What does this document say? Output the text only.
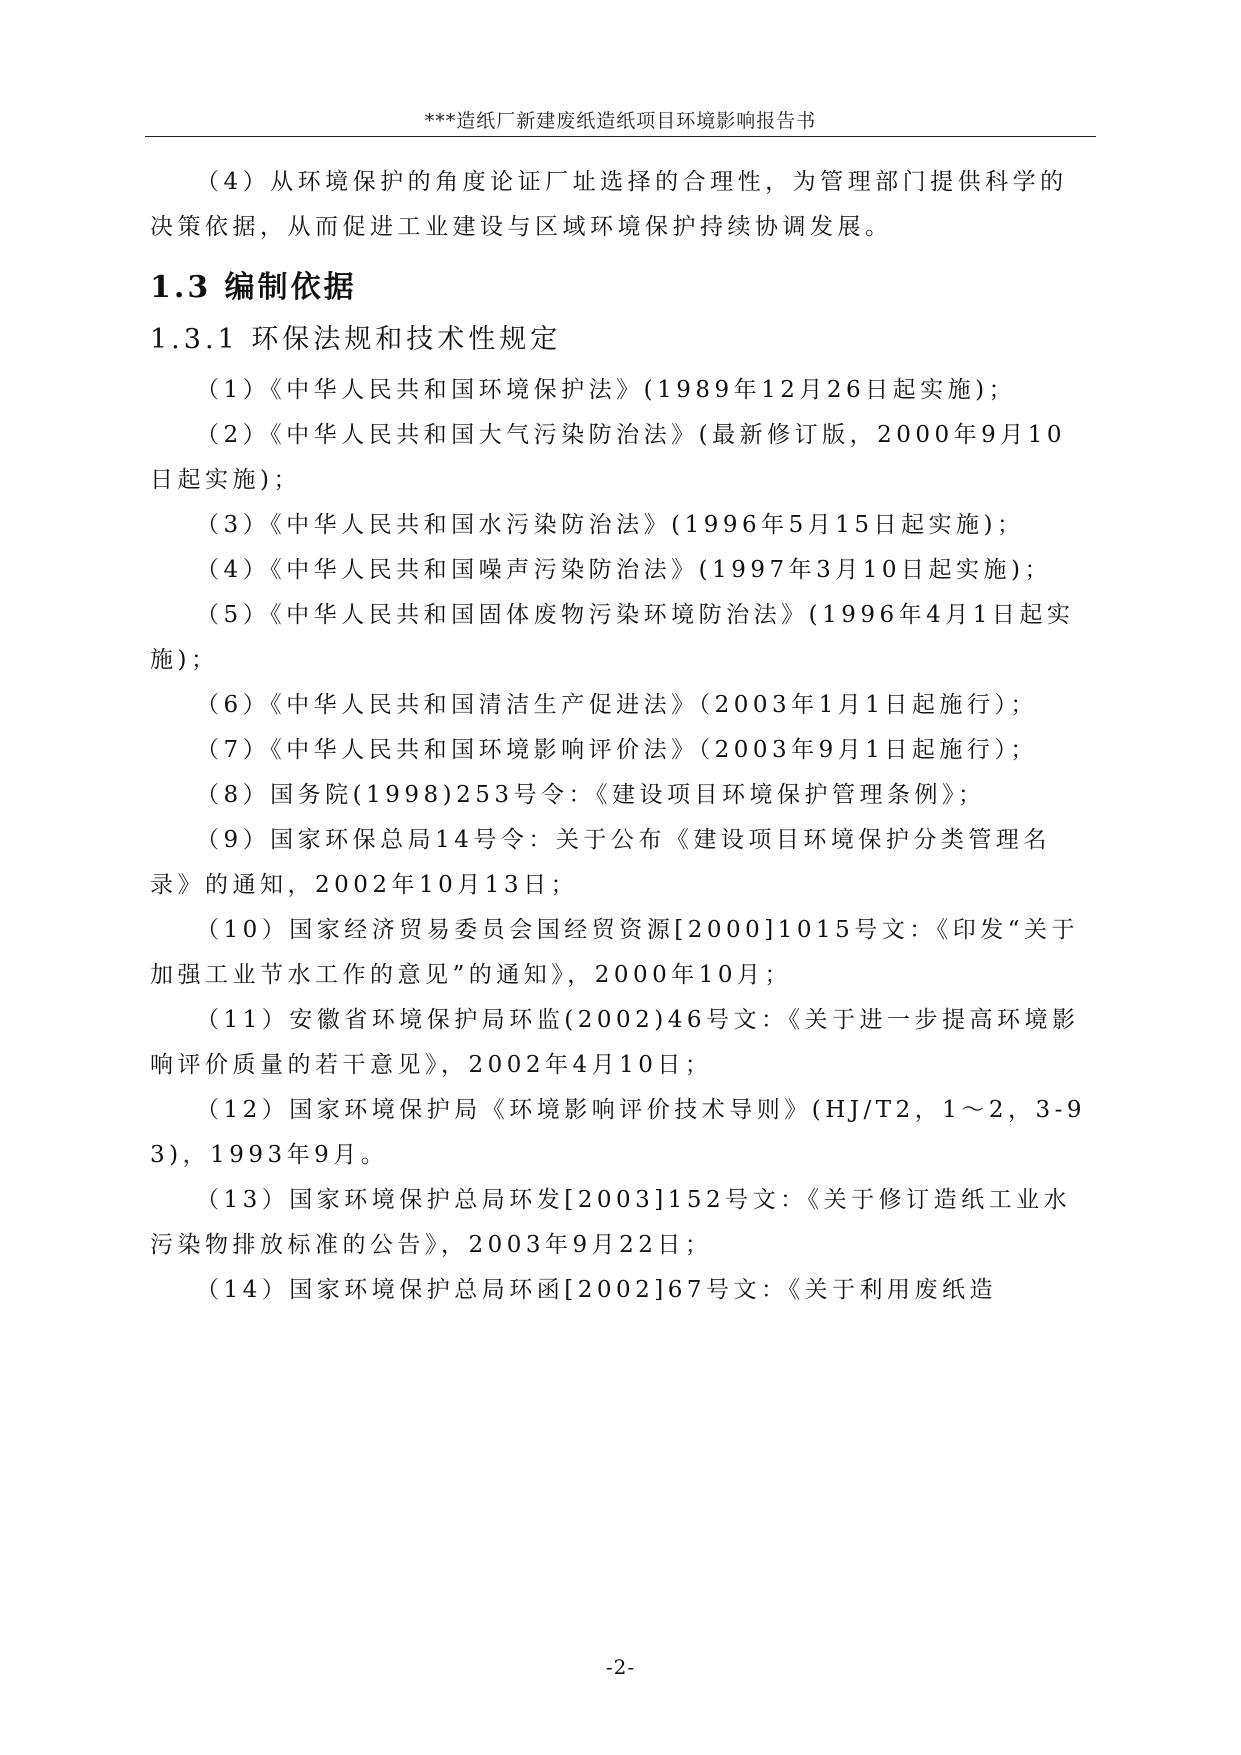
***造纸厂新建废纸造纸项目环境影响报告书

（4）从环境保护的角度论证厂址选择的合理性，为管理部门提供科学的决策依据，从而促进工业建设与区域环境保护持续协调发展。

1.3 编制依据
1.3.1 环保法规和技术性规定

（1）《中华人民共和国环境保护法》(1989年12月26日起实施)；

（2）《中华人民共和国大气污染防治法》(最新修订版，2000年9月10日起实施)；

（3）《中华人民共和国水污染防治法》(1996年5月15日起实施)；

（4）《中华人民共和国噪声污染防治法》(1997年3月10日起实施)；

（5）《中华人民共和国固体废物污染环境防治法》(1996年4月1日起实施)；

（6）《中华人民共和国清洁生产促进法》（2003年1月1日起施行）；

（7）《中华人民共和国环境影响评价法》（2003年9月1日起施行）；

（8）国务院(1998)253号令：《建设项目环境保护管理条例》；

（9）国家环保总局14号令：关于公布《建设项目环境保护分类管理名录》的通知，2002年10月13日；

（10）国家经济贸易委员会国经贸资源[2000]1015号文：《印发“关于加强工业节水工作的意见”的通知》，2000年10月；

（11）安徽省环境保护局环监(2002)46号文：《关于进一步提高环境影响评价质量的若干意见》，2002年4月10日；

（12）国家环境保护局《环境影响评价技术导则》(HJ/T2，1～2，3-93)，1993年9月。

（13）国家环境保护总局环发[2003]152号文：《关于修订造纸工业水污染物排放标准的公告》，2003年9月22日；

（14）国家环境保护总局环函[2002]67号文：《关于利用废纸造

-2-
